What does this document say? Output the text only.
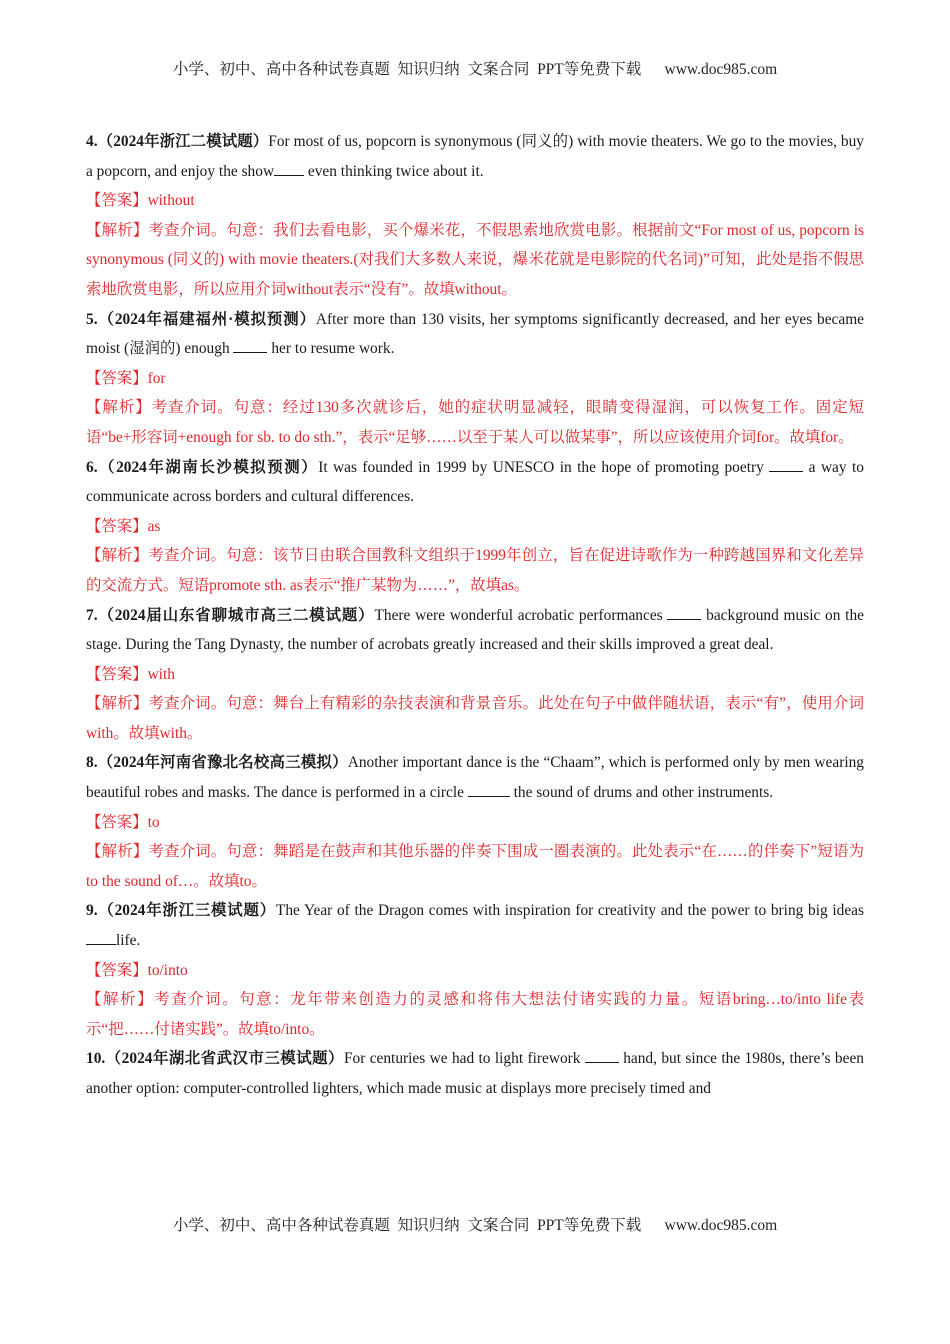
小学、初中、高中各种试卷真题  知识归纳  文案合同  PPT等免费下载      www.doc985.com

4.（2024年浙江二模试题）For most of us, popcorn is synonymous (同义的) with movie theaters. We go to the movies, buy a popcorn, and enjoy the show even thinking twice about it.

【答案】without

【解析】考查介词。句意：我们去看电影，买个爆米花，不假思索地欣赏电影。根据前文“For most of us, popcorn is synonymous (同义的) with movie theaters.(对我们大多数人来说，爆米花就是电影院的代名词)”可知，此处是指不假思索地欣赏电影，所以应用介词without表示“没有”。故填without。

5.（2024年福建福州·模拟预测）After more than 130 visits, her symptoms significantly decreased, and her eyes became moist (湿润的) enough  her to resume work.

【答案】for

【解析】考查介词。句意：经过130多次就诊后，她的症状明显减轻，眼睛变得湿润，可以恢复工作。固定短语“be+形容词+enough for sb. to do sth.”，表示“足够……以至于某人可以做某事”，所以应该使用介词for。故填for。

6.（2024年湖南长沙模拟预测）It was founded in 1999 by UNESCO in the hope of promoting poetry  a way to communicate across borders and cultural differences.

【答案】as

【解析】考查介词。句意：该节日由联合国教科文组织于1999年创立，旨在促进诗歌作为一种跨越国界和文化差异的交流方式。短语promote sth. as表示“推广某物为……”，故填as。

7.（2024届山东省聊城市高三二模试题）There were wonderful acrobatic performances  background music on the stage. During the Tang Dynasty, the number of acrobats greatly increased and their skills improved a great deal.

【答案】with

【解析】考查介词。句意：舞台上有精彩的杂技表演和背景音乐。此处在句子中做伴随状语，表示“有”，使用介词with。故填with。

8.（2024年河南省豫北名校高三模拟）Another important dance is the “Chaam”, which is performed only by men wearing beautiful robes and masks. The dance is performed in a circle	the sound of drums and other instruments.

【答案】to

【解析】考查介词。句意：舞蹈是在鼓声和其他乐器的伴奏下围成一圈表演的。此处表示“在……的伴奏下”短语为to the sound of…。故填to。

9.（2024年浙江三模试题）The Year of the Dragon comes with inspiration for creativity and the power to bring big ideas life.

【答案】to/into

【解析】考查介词。句意：龙年带来创造力的灵感和将伟大想法付诸实践的力量。短语bring…to/into life表示“把……付诸实践”。故填to/into。

10.（2024年湖北省武汉市三模试题）For centuries we had to light firework  hand, but since the 1980s, there’s been another option: computer-controlled lighters, which made music at displays more precisely timed and

小学、初中、高中各种试卷真题  知识归纳  文案合同  PPT等免费下载      www.doc985.com
